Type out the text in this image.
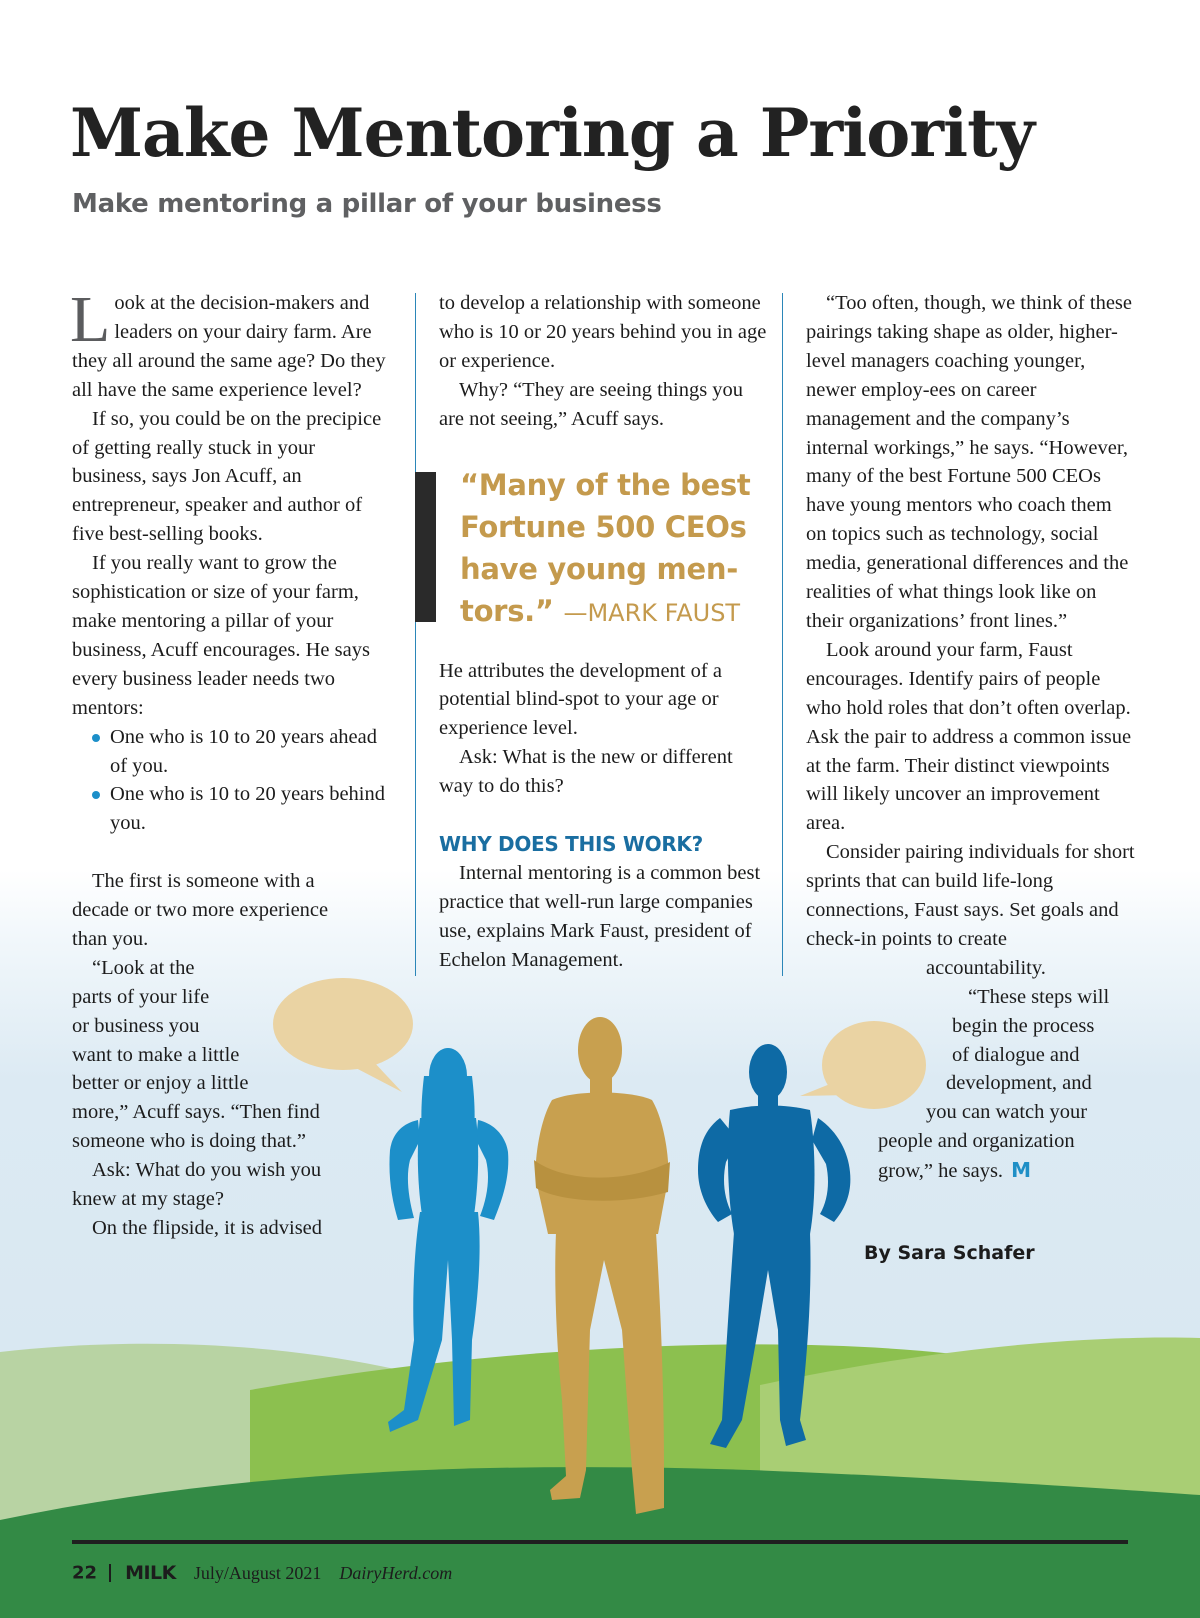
Make Mentoring a Priority
Make mentoring a pillar of your business

Look at the decision-makers and leaders on your dairy farm. Are they all around the same age? Do they all have the same experience level?

If so, you could be on the precipice of getting really stuck in your business, says Jon Acuff, an entrepreneur, speaker and author of five best-selling books.

If you really want to grow the sophistication or size of your farm, make mentoring a pillar of your business, Acuff encourages. He says every business leader needs two mentors:

One who is 10 to 20 years ahead of you.
One who is 10 to 20 years behind you.

The first is someone with a decade or two more experience than you.

“Look at the
parts of your life
or business you
want to make a little
better or enjoy a little
more,” Acuff says. “Then find
someone who is doing that.”

Ask: What do you wish you knew at my stage?

On the flipside, it is advised

to develop a relationship with someone who is 10 or 20 years behind you in age or experience.

Why? “They are seeing things you are not seeing,” Acuff says.

He attributes the development of a potential blind-spot to your age or experience level.

Ask: What is the new or different way to do this?

WHY DOES THIS WORK?

Internal mentoring is a common best practice that well-run large companies use, explains Mark Faust, president of Echelon Management.

“Many of the best Fortune 500 CEOs have young men-tors.” —MARK FAUST

“Too often, though, we think of these pairings taking shape as older, higher-level managers coaching younger, newer employ-ees on career management and the company’s internal workings,” he says. “However, many of the best Fortune 500 CEOs have young mentors who coach them on topics such as technology, social media, generational differences and the realities of what things look like on their organizations’ front lines.”

Look around your farm, Faust encourages. Identify pairs of people who hold roles that don’t often overlap. Ask the pair to address a common issue at the farm. Their distinct viewpoints will likely uncover an improvement area.

Consider pairing individuals for short sprints that can build life-long connections, Faust says. Set goals and check-in points to create

accountability.
“These steps will
begin the process
of dialogue and
development, and
you can watch your
people and organization
grow,” he says. M
By Sara Schafer
22 MILK July/August 2021 DairyHerd.com
